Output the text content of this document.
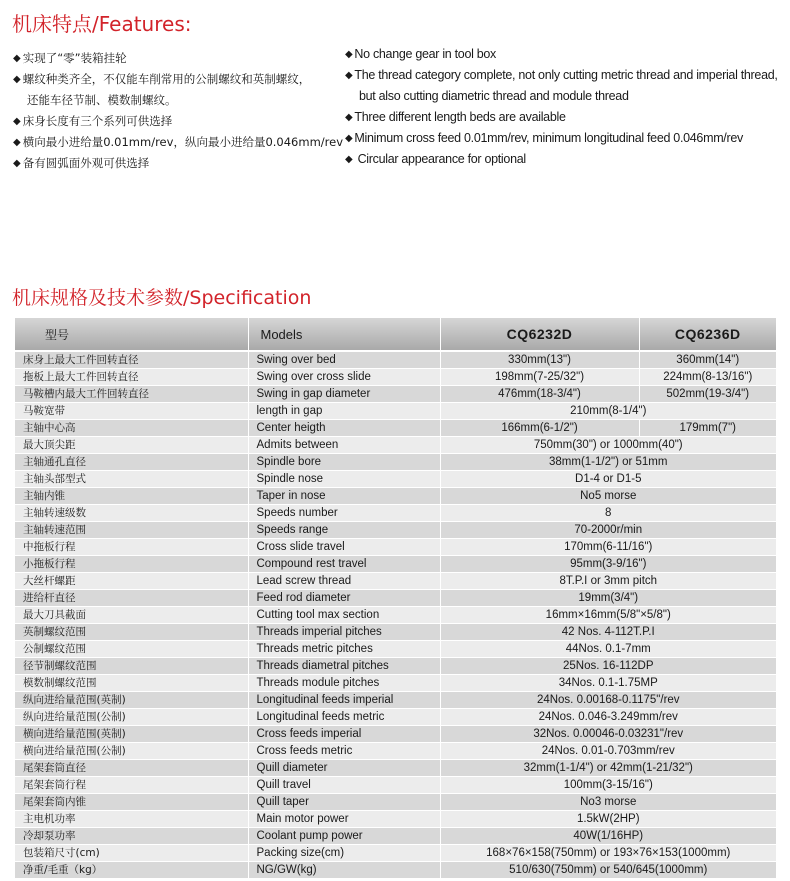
机床特点/Features:
◆ 实现了“零”装箱挂轮
◆ 螺纹种类齐全，不仅能车削常用的公制螺纹和英制螺纹，
还能车径节制、模数制螺纹。
◆ 床身长度有三个系列可供选择
◆ 横向最小进给量0.01mm/rev，纵向最小进给量0.046mm/rev
◆ 备有圆弧面外观可供选择
◆ No change gear in tool box
◆ The thread category complete, not only cutting metric thread and imperial thread,
but also cutting diametric thread and module thread
◆ Three different length beds are available
◆ Minimum cross feed 0.01mm/rev, minimum longitudinal feed 0.046mm/rev
◆ Circular appearance for optional
机床规格及技术参数/Specification
型号	Models	CQ6232D	CQ6236D
床身上最大工件回转直径	Swing over bed	330mm(13")	360mm(14")
拖板上最大工件回转直径	Swing over cross slide	198mm(7-25/32")	224mm(8-13/16")
马鞍槽内最大工件回转直径	Swing in gap diameter	476mm(18-3/4")	502mm(19-3/4")
马鞍宽带	length in gap	210mm(8-1/4")	
主轴中心高	Center heigth	166mm(6-1/2")	179mm(7")
最大顶尖距	Admits between	750mm(30") or 1000mm(40")	
主轴通孔直径	Spindle bore	38mm(1-1/2") or 51mm	
主轴头部型式	Spindle nose	D1-4 or D1-5	
主轴内锥	Taper in nose	No5 morse	
主轴转速级数	Speeds number	8	
主轴转速范围	Speeds range	70-2000r/min	
中拖板行程	Cross slide travel	170mm(6-11/16")	
小拖板行程	Compound rest travel	95mm(3-9/16")	
大丝杆螺距	Lead screw thread	8T.P.I or 3mm pitch	
进给杆直径	Feed rod diameter	19mm(3/4")	
最大刀具截面	Cutting tool max section	16mm×16mm(5/8"×5/8")	
英制螺纹范围	Threads imperial pitches	42 Nos. 4-112T.P.I	
公制螺纹范围	Threads metric pitches	44Nos. 0.1-7mm	
径节制螺纹范围	Threads diametral pitches	25Nos. 16-112DP	
模数制螺纹范围	Threads module pitches	34Nos. 0.1-1.75MP	
纵向进给量范围(英制)	Longitudinal feeds imperial	24Nos. 0.00168-0.1175"/rev	
纵向进给量范围(公制)	Longitudinal feeds metric	24Nos. 0.046-3.249mm/rev	
横向进给量范围(英制)	Cross feeds imperial	32Nos. 0.00046-0.03231"/rev	
横向进给量范围(公制)	Cross feeds metric	24Nos. 0.01-0.703mm/rev	
尾架套筒直径	Quill diameter	32mm(1-1/4") or 42mm(1-21/32")	
尾架套筒行程	Quill travel	100mm(3-15/16")	
尾架套筒内锥	Quill taper	No3 morse	
主电机功率	Main motor power	1.5kW(2HP)	
冷却泵功率	Coolant pump power	40W(1/16HP)	
包装箱尺寸(cm)	Packing size(cm)	168×76×158(750mm) or 193×76×153(1000mm)	
净重/毛重（kg）	NG/GW(kg)	510/630(750mm) or 540/645(1000mm)	
